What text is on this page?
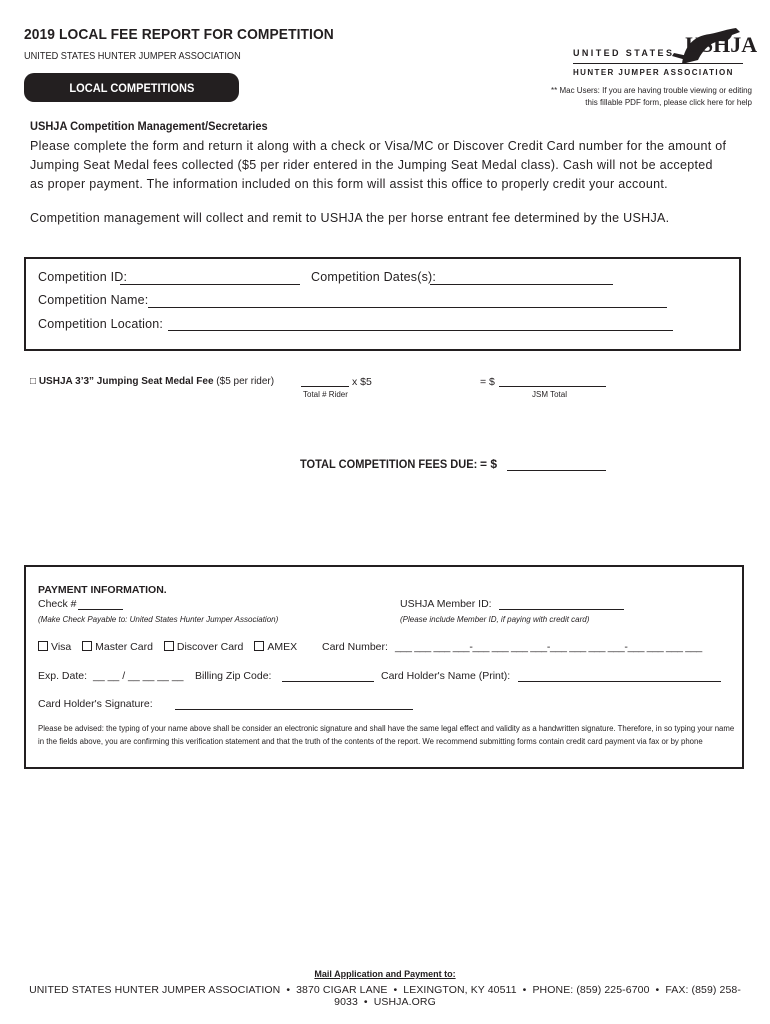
2019 LOCAL FEE REPORT FOR COMPETITION
UNITED STATES HUNTER JUMPER ASSOCIATION
LOCAL COMPETITIONS
USHJA
UNITED STATES
HUNTER JUMPER ASSOCIATION
** Mac Users: If you are having trouble viewing or editing this fillable PDF form, please click here for help
USHJA Competition Management/Secretaries
Please complete the form and return it along with a check or Visa/MC or Discover Credit Card number for the amount of Jumping Seat Medal fees collected ($5 per rider entered in the Jumping Seat Medal class). Cash will not be accepted as proper payment. The information included on this form will assist this office to properly credit your account.
Competition management will collect and remit to USHJA the per horse entrant fee determined by the USHJA.
Competition ID:	Competition Dates(s):
Competition Name:
Competition Location:
□ USHJA 3’3” Jumping Seat Medal Fee ($5 per rider)	x $5
Total # Rider
= $
JSM Total
TOTAL COMPETITION FEES DUE: = $
PAYMENT INFORMATION.
Check #
(Make Check Payable to: United States Hunter Jumper Association)
USHJA Member ID:
(Please include Member ID, if paying with credit card)
Visa Master Card Discover Card AMEX Card Number: ___ ___ ___ ___-___ ___ ___ ___-___ ___ ___ ___-___ ___ ___ ___
Exp. Date: __ __ / __ __ __ __ Billing Zip Code:	Card Holder's Name (Print):
Card Holder's Signature:
Please be advised: the typing of your name above shall be consider an electronic signature and shall have the same legal effect and validity as a handwritten signature. Therefore, in so typing your name in the fields above, you are confirming this verification statement and that the truth of the contents of the report. We recommend submitting forms contain credit card payment via fax or by phone
Mail Application and Payment to:
UNITED STATES HUNTER JUMPER ASSOCIATION • 3870 CIGAR LANE • LEXINGTON, KY 40511 • PHONE: (859) 225-6700 • FAX: (859) 258-9033 • USHJA.ORG
